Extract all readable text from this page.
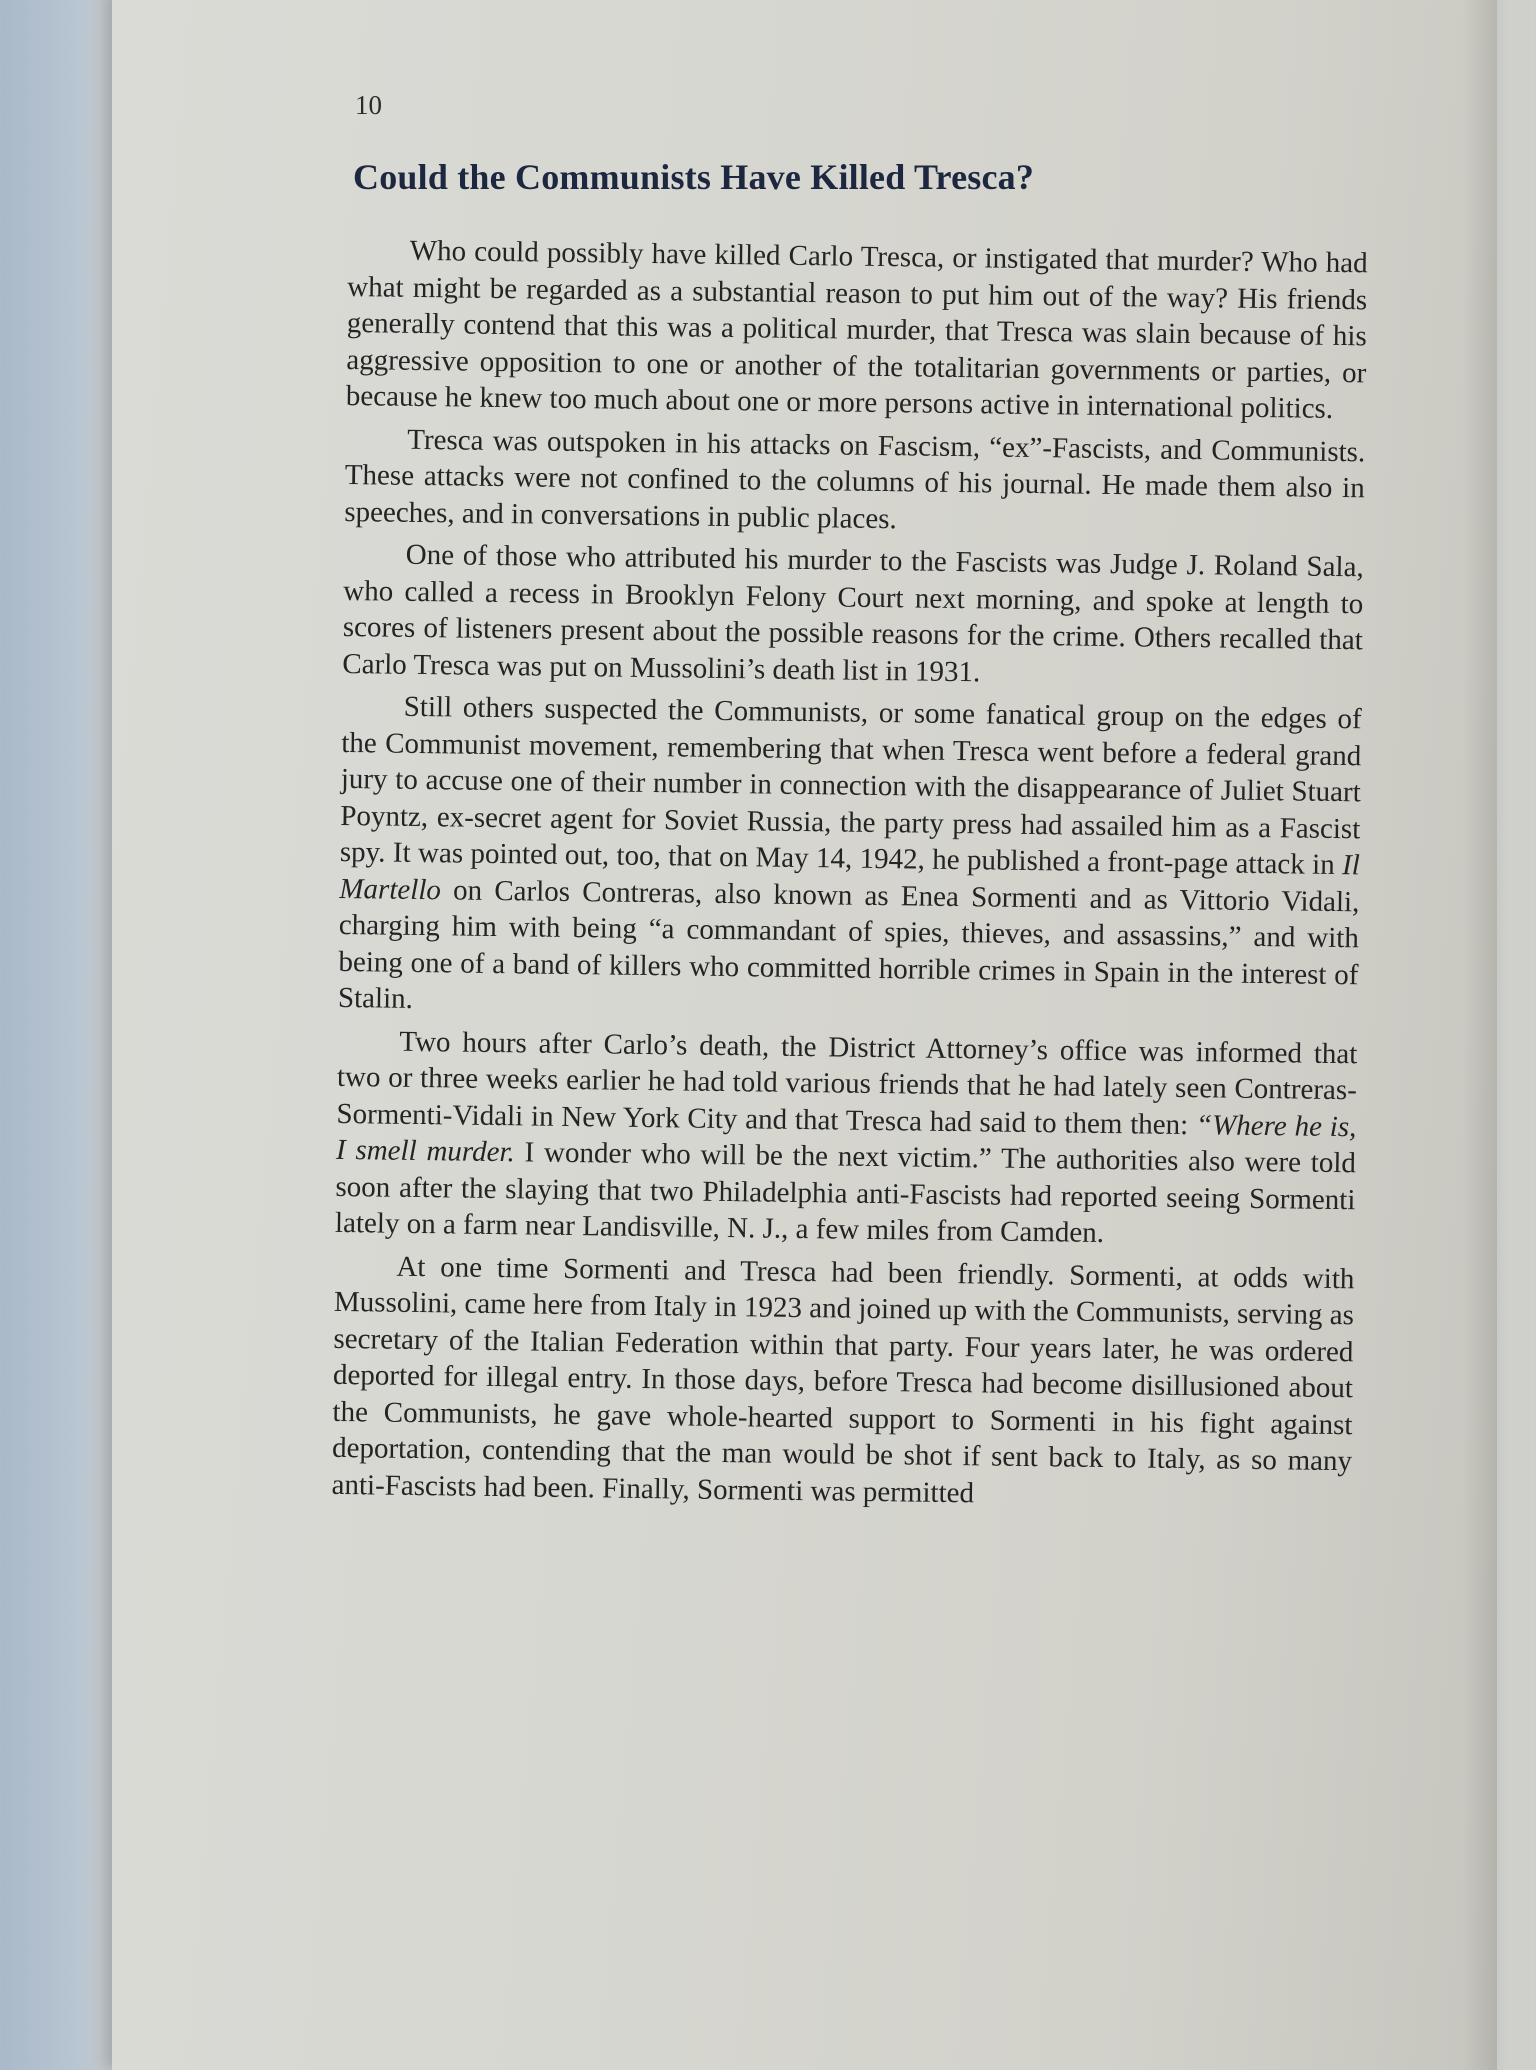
10
Could the Communists Have Killed Tresca?

Who could possibly have killed Carlo Tresca, or instigated that murder? Who had what might be regarded as a substantial reason to put him out of the way? His friends generally contend that this was a political murder, that Tresca was slain because of his aggressive opposition to one or another of the totalitarian governments or parties, or because he knew too much about one or more persons active in international politics.

Tresca was outspoken in his attacks on Fascism, “ex”-Fascists, and Communists. These attacks were not confined to the columns of his journal. He made them also in speeches, and in conversations in public places.

One of those who attributed his murder to the Fascists was Judge J. Roland Sala, who called a recess in Brooklyn Felony Court next morning, and spoke at length to scores of listeners present about the possible reasons for the crime. Others recalled that Carlo Tresca was put on Mussolini’s death list in 1931.

Still others suspected the Communists, or some fanatical group on the edges of the Communist movement, remembering that when Tresca went before a federal grand jury to accuse one of their number in connection with the disappearance of Juliet Stuart Poyntz, ex-secret agent for Soviet Russia, the party press had assailed him as a Fascist spy. It was pointed out, too, that on May 14, 1942, he published a front-page attack in Il Martello on Carlos Contreras, also known as Enea Sormenti and as Vittorio Vidali, charging him with being “a commandant of spies, thieves, and assassins,” and with being one of a band of killers who committed horrible crimes in Spain in the interest of Stalin.

Two hours after Carlo’s death, the District Attorney’s office was informed that two or three weeks earlier he had told various friends that he had lately seen Contreras-Sormenti-Vidali in New York City and that Tresca had said to them then: “Where he is, I smell murder. I wonder who will be the next victim.” The authorities also were told soon after the slaying that two Philadelphia anti-Fascists had reported seeing Sormenti lately on a farm near Landisville, N. J., a few miles from Camden.

At one time Sormenti and Tresca had been friendly. Sormenti, at odds with Mussolini, came here from Italy in 1923 and joined up with the Communists, serving as secretary of the Italian Federation within that party. Four years later, he was ordered deported for illegal entry. In those days, before Tresca had become disillusioned about the Communists, he gave whole-hearted support to Sormenti in his fight against deportation, contending that the man would be shot if sent back to Italy, as so many anti-Fascists had been. Finally, Sormenti was permitted
